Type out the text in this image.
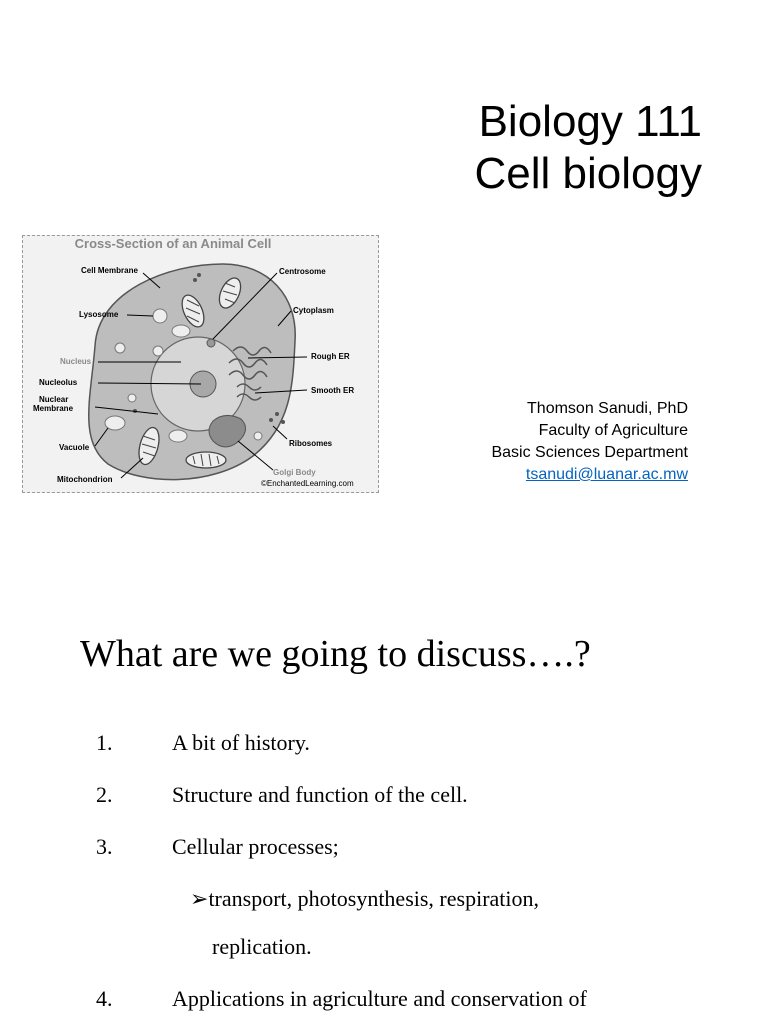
Biology 111
Cell biology
Cross-Section of an Animal Cell
Cell Membrane
Lysosome
Nucleus
Nucleolus
Nuclear
Membrane
Vacuole
Mitochondrion
Centrosome
Cytoplasm
Rough ER
Smooth ER
Ribosomes
Golgi Body
©EnchantedLearning.com
Thomson Sanudi, PhD
Faculty of Agriculture
Basic Sciences Department
tsanudi@luanar.ac.mw
What are we going to discuss….?
1.	A bit of history.
2.	Structure and function of the cell.
3.	Cellular processes;
➢transport, photosynthesis, respiration,
replication.
4.	Applications in agriculture and conservation of
